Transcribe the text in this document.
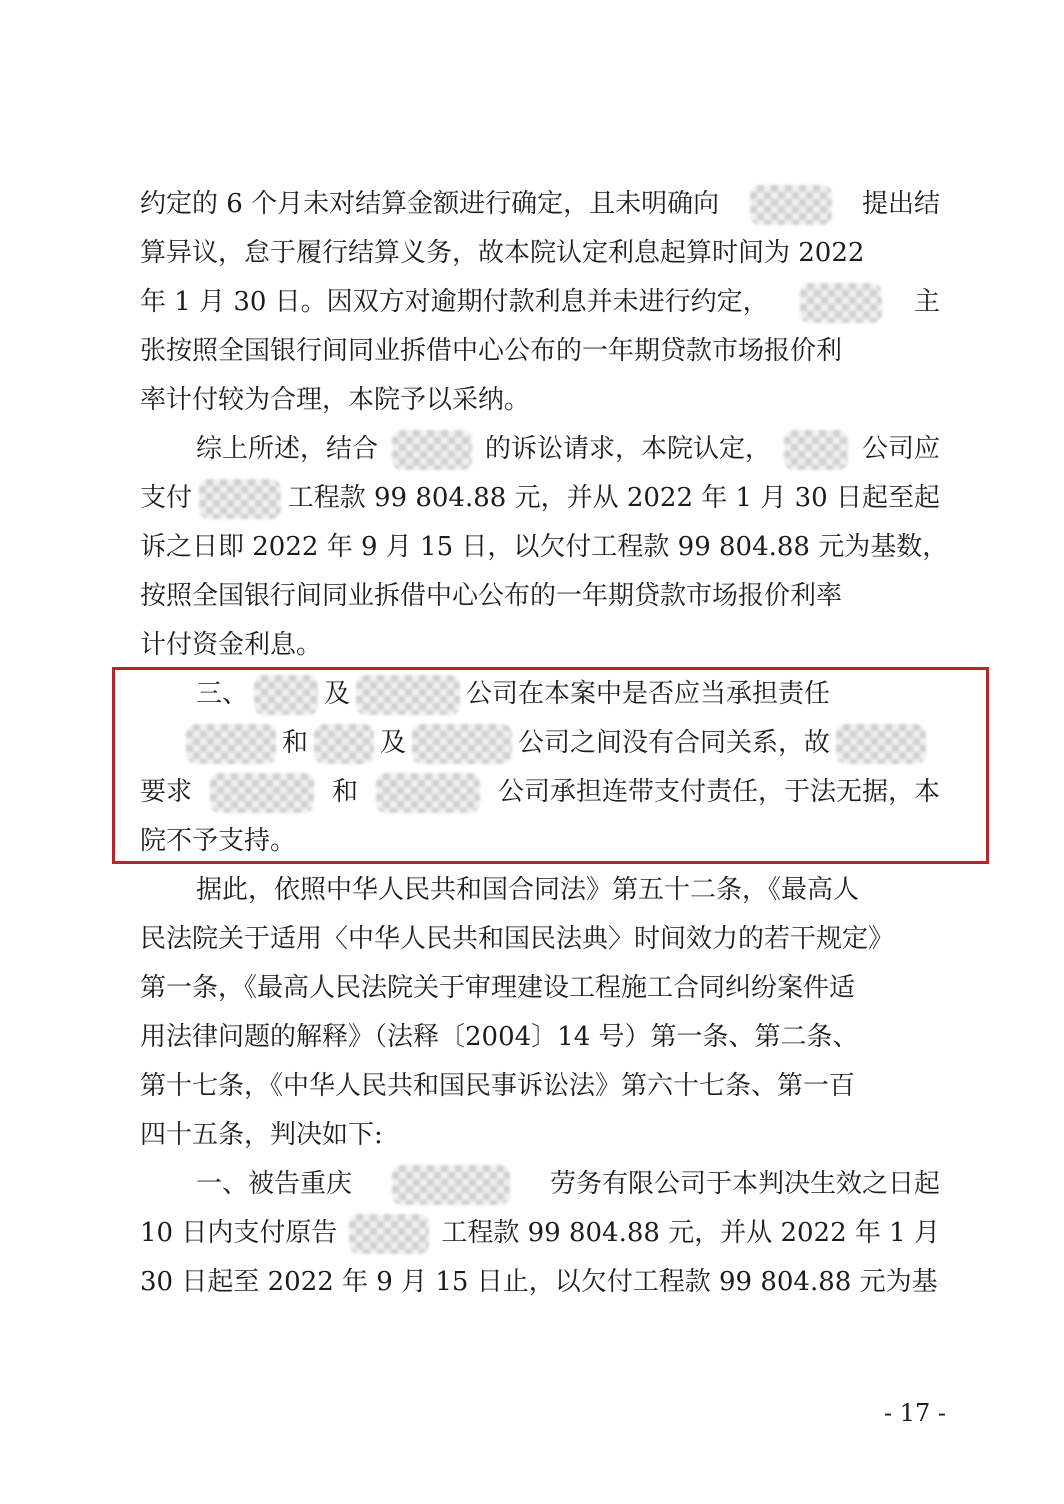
约定的 6 个月未对结算金额进行确定，且未明确向	提出结
算异议，怠于履行结算义务，故本院认定利息起算时间为 2022
年 1 月 30 日。因双方对逾期付款利息并未进行约定，	主
张按照全国银行间同业拆借中心公布的一年期贷款市场报价利
率计付较为合理，本院予以采纳。
综上所述，结合	的诉讼请求，本院认定，	公司应
支付	工程款 99 804.88 元，并从 2022 年 1 月 30 日起至起
诉之日即 2022 年 9 月 15 日，以欠付工程款 99 804.88 元为基数，
按照全国银行间同业拆借中心公布的一年期贷款市场报价利率
计付资金利息。
三、	及	公司在本案中是否应当承担责任
和	及	公司之间没有合同关系，故
要求	和	公司承担连带支付责任，于法无据，本
院不予支持。
据此，依照中华人民共和国合同法》第五十二条，《最高人
民法院关于适用〈中华人民共和国民法典〉时间效力的若干规定》
第一条，《最高人民法院关于审理建设工程施工合同纠纷案件适
用法律问题的解释》（法释〔2004〕14 号）第一条、第二条、
第十七条，《中华人民共和国民事诉讼法》第六十七条、第一百
四十五条，判决如下:
一、被告重庆	劳务有限公司于本判决生效之日起
10 日内支付原告	工程款 99 804.88 元，并从 2022 年 1 月
30 日起至 2022 年 9 月 15 日止，以欠付工程款 99 804.88 元为基
- 17 -
